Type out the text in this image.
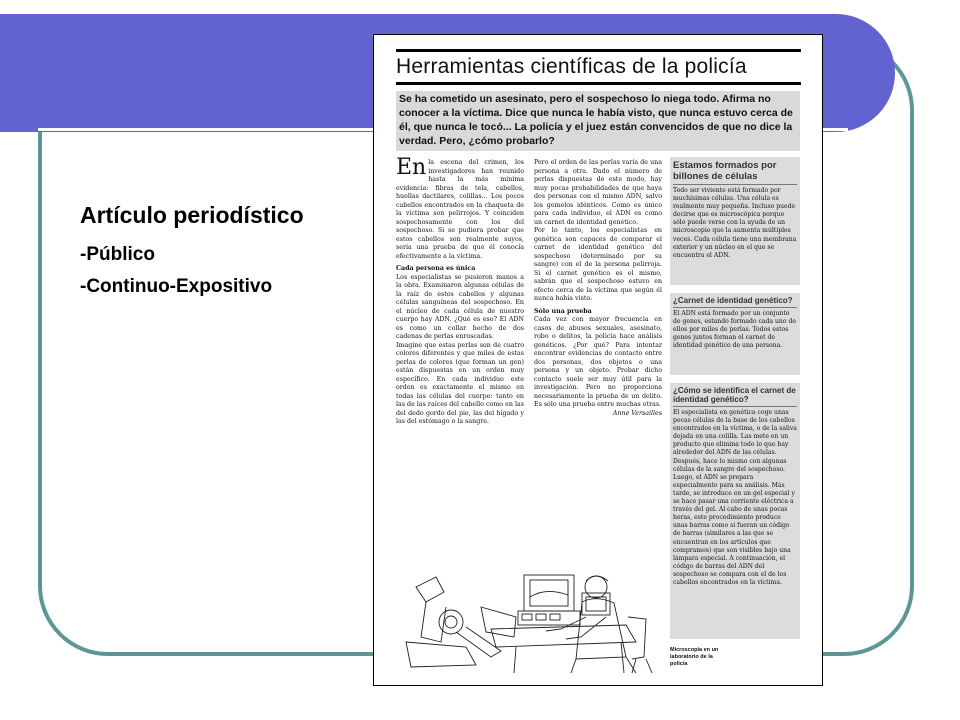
Artículo periodístico

-Público
-Continuo-Expositivo
Herramientas científicas de la policía
Se ha cometido un asesinato, pero el sospechoso lo niega todo. Afirma no conocer a la víctima. Dice que nunca le había visto, que nunca estuvo cerca de él, que nunca le tocó... La policía y el juez están convencidos de que no dice la verdad. Pero, ¿cómo probarlo?

En la escena del crimen, los investigadores han reunido hasta la más mínima evidencia: fibras de tela, cabellos, huellas dactilares, colillas... Los pocos cabellos encontrados en la chaqueta de la víctima son pelirrojos. Y coinciden sospechosamente con los del sospechoso. Si se pudiera probar que estos cabellos son realmente suyos, sería una prueba de que él conocía efectivamente a la víctima.

Cada persona es única

Los especialistas se pusieron manos a la obra. Examinaron algunas células de la raíz de estos cabellos y algunas células sanguíneas del sospechoso. En el núcleo de cada célula de nuestro cuerpo hay ADN. ¿Qué es eso? El ADN es como un collar hecho de dos cadenas de perlas enroscadas.

Imagine que estas perlas son de cuatro colores diferentes y que miles de estas perlas de colores (que forman un gen) están dispuestas en un orden muy específico. En cada individuo este orden es exactamente el mismo en todas las células del cuerpo: tanto en las de las raíces del cabello como en las del dedo gordo del pie, las del hígado y las del estómago o la sangre.

Pero el orden de las perlas varía de una persona a otra. Dado el número de perlas dispuestas de este modo, hay muy pocas probabilidades de que haya dos personas con el mismo ADN, salvo los gemelos idénticos. Como es único para cada individuo, el ADN es como un carnet de identidad genético.

Por lo tanto, los especialistas en genética son capaces de comparar el carnet de identidad genético del sospechoso (determinado por su sangre) con el de la persona pelirroja. Si el carnet genético es el mismo, sabrán que el sospechoso estuvo en efecto cerca de la víctima que según él nunca había visto.

Sólo una prueba

Cada vez con mayor frecuencia en casos de abusos sexuales, asesinato, robo o delitos, la policía hace análisis genéticos. ¿Por qué? Para intentar encontrar evidencias de contacto entre dos personas, dos objetos o una persona y un objeto. Probar dicho contacto suele ser muy útil para la investigación. Pero no proporciona necesariamente la prueba de un delito. Es sólo una prueba entre muchas otras.

Anne Versailles

Estamos formados por billones de células
Todo ser viviente está formado por muchísimas células. Una célula es realmente muy pequeña. Incluso puede decirse que es microscópica porque sólo puede verse con la ayuda de un microscopio que la aumenta múltiples veces. Cada célula tiene una membrana exterior y un núcleo en el que se encuentra el ADN.
¿Carnet de identidad genético?
El ADN está formado por un conjunto de genes, estando formado cada uno de ellos por miles de perlas. Todos estos genes juntos forman el carnet de identidad genético de una persona.
¿Cómo se identifica el carnet de identidad genético?
El especialista en genética coge unas pocas células de la base de los cabellos encontrados en la víctima, o de la saliva dejada en una colilla. Las mete en un producto que elimina todo lo que hay alrededor del ADN de las células. Después, hace lo mismo con algunas células de la sangre del sospechoso. Luego, el ADN se prepara especialmente para su análisis. Más tarde, se introduce en un gel especial y se hace pasar una corriente eléctrica a través del gel. Al cabo de unas pocas horas, este procedimiento produce unas barras como si fueran un código de barras (similares a las que se encuentran en los artículos que compramos) que son visibles bajo una lámpara especial. A continuación, el código de barras del ADN del sospechoso se compara con el de los cabellos encontrados en la víctima.
Microscopía en un laboratorio de la policía
